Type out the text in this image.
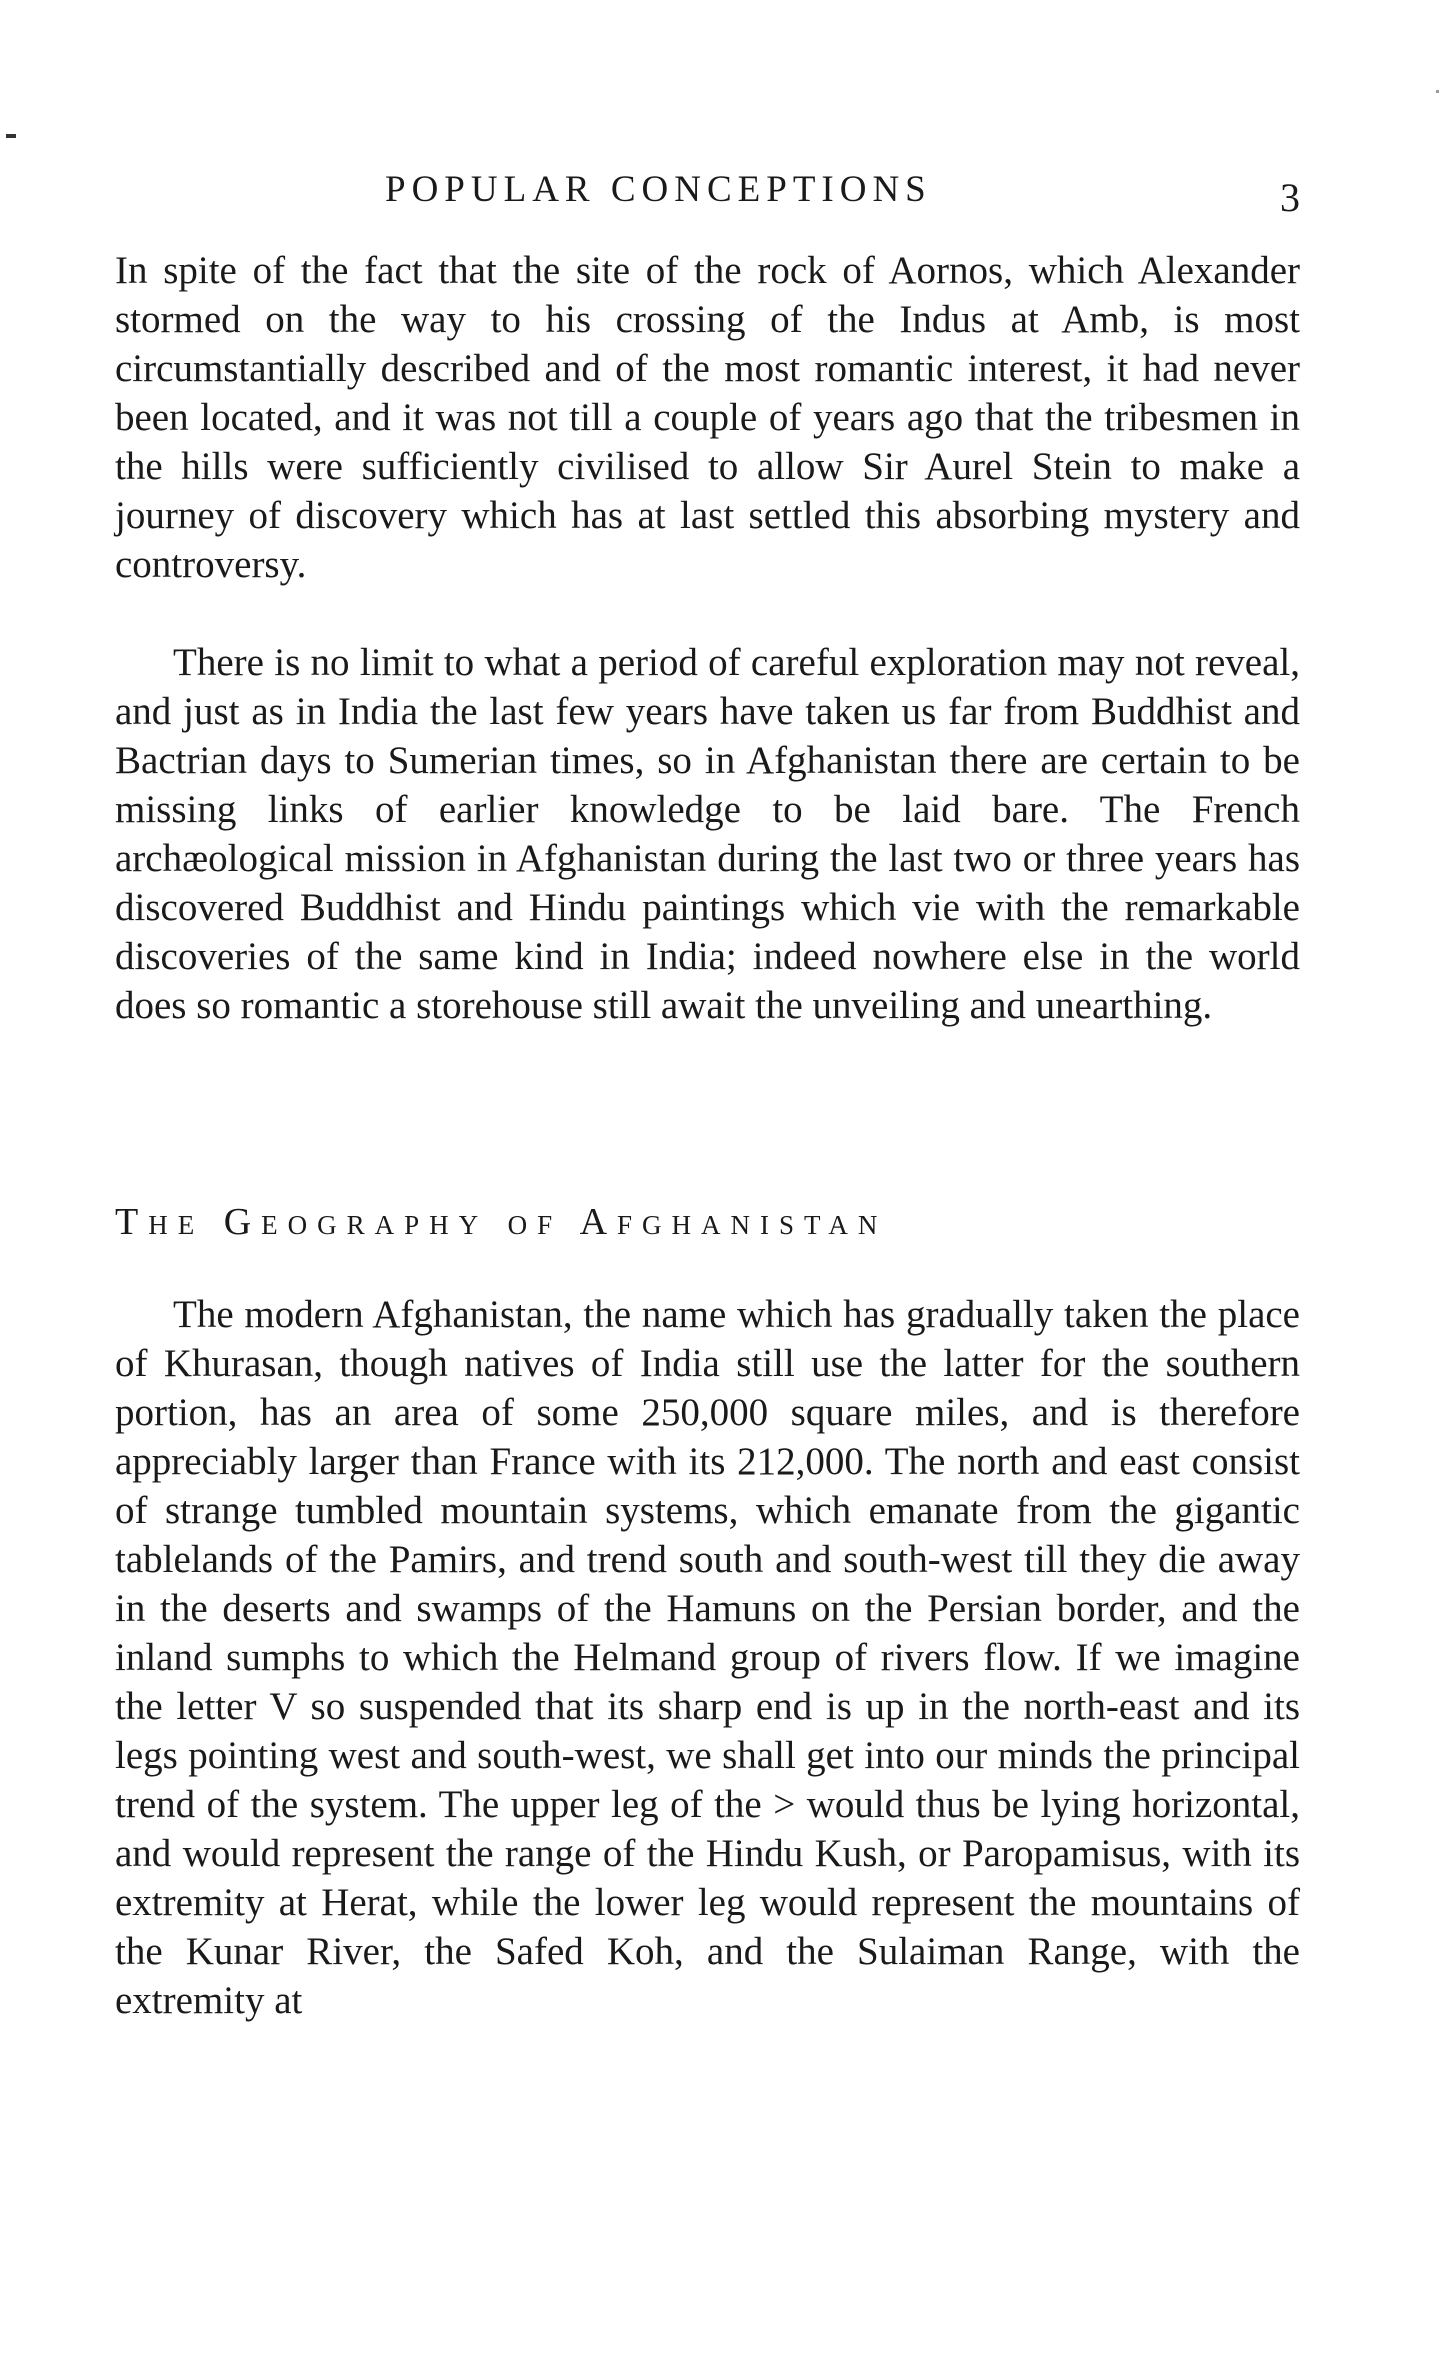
POPULAR CONCEPTIONS	3

In spite of the fact that the site of the rock of Aornos, which Alexander stormed on the way to his crossing of the Indus at Amb, is most circumstantially described and of the most romantic interest, it had never been located, and it was not till a couple of years ago that the tribesmen in the hills were sufficiently civilised to allow Sir Aurel Stein to make a journey of discovery which has at last settled this absorbing mystery and controversy.

There is no limit to what a period of careful exploration may not reveal, and just as in India the last few years have taken us far from Buddhist and Bactrian days to Sumerian times, so in Afghanistan there are certain to be missing links of earlier knowledge to be laid bare. The French archæological mission in Afghanistan during the last two or three years has discovered Buddhist and Hindu paintings which vie with the remarkable discoveries of the same kind in India; indeed nowhere else in the world does so romantic a storehouse still await the unveiling and unearthing.

The Geography of Afghanistan

The modern Afghanistan, the name which has gradually taken the place of Khurasan, though natives of India still use the latter for the southern portion, has an area of some 250,000 square miles, and is therefore appreciably larger than France with its 212,000. The north and east consist of strange tumbled mountain systems, which emanate from the gigantic tablelands of the Pamirs, and trend south and south-west till they die away in the deserts and swamps of the Hamuns on the Persian border, and the inland sumphs to which the Helmand group of rivers flow. If we imagine the letter V so suspended that its sharp end is up in the north-east and its legs pointing west and south-west, we shall get into our minds the principal trend of the system. The upper leg of the > would thus be lying horizontal, and would represent the range of the Hindu Kush, or Paropamisus, with its extremity at Herat, while the lower leg would represent the mountains of the Kunar River, the Safed Koh, and the Sulaiman Range, with the extremity at
